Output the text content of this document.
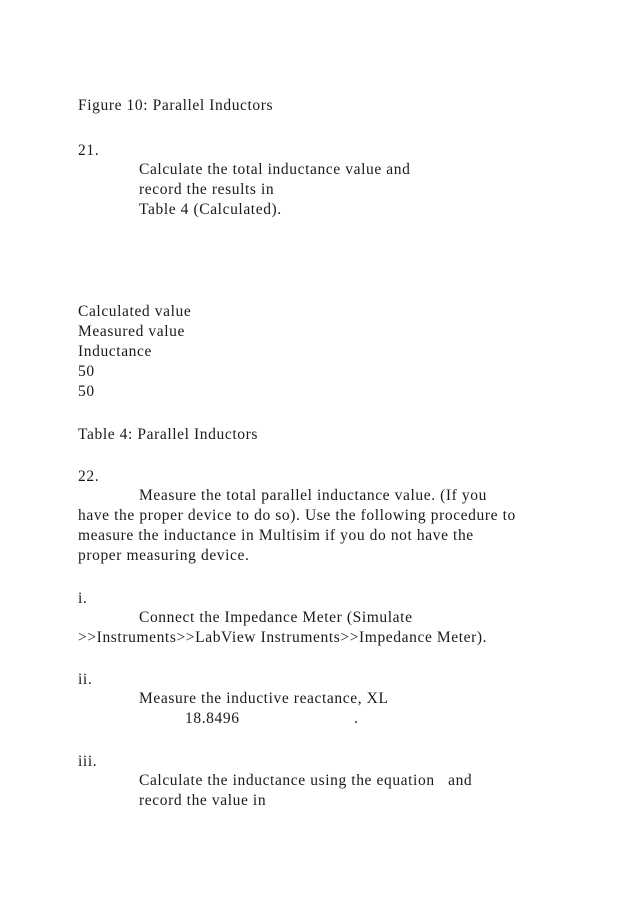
Figure 10: Parallel Inductors
21.
Calculate the total inductance value and
record the results in
Table 4 (Calculated).
Calculated value
Measured value
Inductance
50
50
Table 4: Parallel Inductors
22.
Measure the total parallel inductance value. (If you
have the proper device to do so). Use the following procedure to
measure the inductance in Multisim if you do not have the
proper measuring device.
i.
Connect the Impedance Meter (Simulate
>>Instruments>>LabView Instruments>>Impedance Meter).
ii.
Measure the inductive reactance, XL
18.8496	.
iii.
Calculate the inductance using the equation   and
record the value in
